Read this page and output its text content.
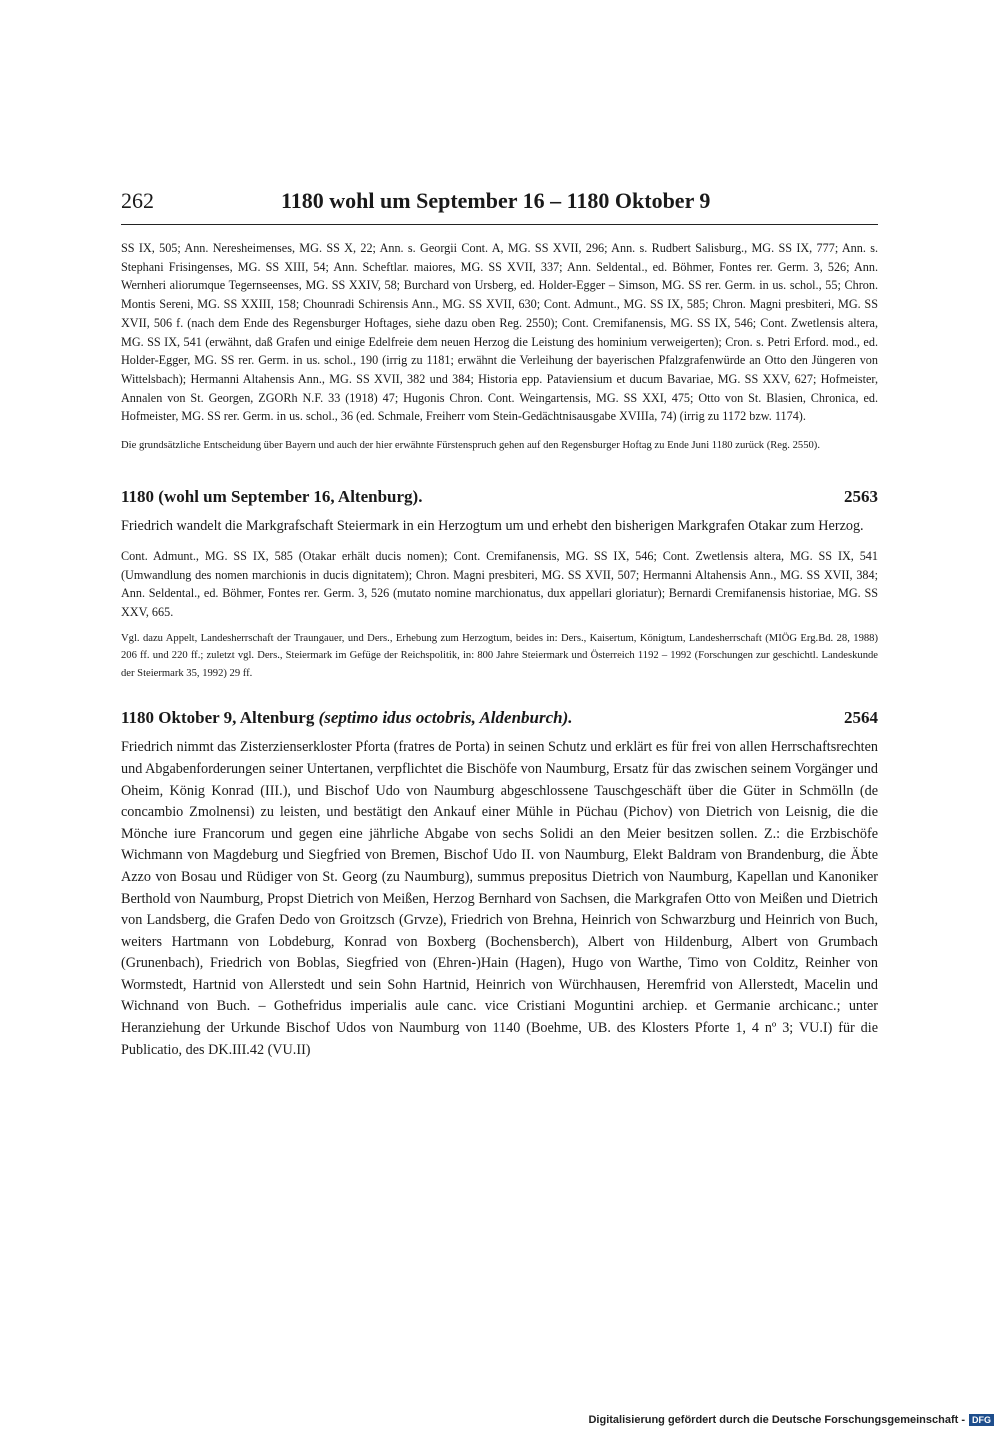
262	1180 wohl um September 16 – 1180 Oktober 9

SS IX, 505; Ann. Neresheimenses, MG. SS X, 22; Ann. s. Georgii Cont. A, MG. SS XVII, 296; Ann. s. Rudbert Salisburg., MG. SS IX, 777; Ann. s. Stephani Frisingenses, MG. SS XIII, 54; Ann. Scheftlar. maiores, MG. SS XVII, 337; Ann. Seldental., ed. Böhmer, Fontes rer. Germ. 3, 526; Ann. Wernheri aliorumque Tegernseenses, MG. SS XXIV, 58; Burchard von Ursberg, ed. Holder-Egger – Simson, MG. SS rer. Germ. in us. schol., 55; Chron. Montis Sereni, MG. SS XXIII, 158; Chounradi Schirensis Ann., MG. SS XVII, 630; Cont. Admunt., MG. SS IX, 585; Chron. Magni presbiteri, MG. SS XVII, 506 f. (nach dem Ende des Regensburger Hoftages, siehe dazu oben Reg. 2550); Cont. Cremifanensis, MG. SS IX, 546; Cont. Zwetlensis altera, MG. SS IX, 541 (erwähnt, daß Grafen und einige Edelfreie dem neuen Herzog die Leistung des hominium verweigerten); Cron. s. Petri Erford. mod., ed. Holder-Egger, MG. SS rer. Germ. in us. schol., 190 (irrig zu 1181; erwähnt die Verleihung der bayerischen Pfalzgrafenwürde an Otto den Jüngeren von Wittelsbach); Hermanni Altahensis Ann., MG. SS XVII, 382 und 384; Historia epp. Pataviensium et ducum Bavariae, MG. SS XXV, 627; Hofmeister, Annalen von St. Georgen, ZGORh N.F. 33 (1918) 47; Hugonis Chron. Cont. Weingartensis, MG. SS XXI, 475; Otto von St. Blasien, Chronica, ed. Hofmeister, MG. SS rer. Germ. in us. schol., 36 (ed. Schmale, Freiherr vom Stein-Gedächtnisausgabe XVIIIa, 74) (irrig zu 1172 bzw. 1174).

Die grundsätzliche Entscheidung über Bayern und auch der hier erwähnte Fürstenspruch gehen auf den Regensburger Hoftag zu Ende Juni 1180 zurück (Reg. 2550).

1180 (wohl um September 16, Altenburg).	2563

Friedrich wandelt die Markgrafschaft Steiermark in ein Herzogtum um und erhebt den bisherigen Markgrafen Otakar zum Herzog.

Cont. Admunt., MG. SS IX, 585 (Otakar erhält ducis nomen); Cont. Cremifanensis, MG. SS IX, 546; Cont. Zwetlensis altera, MG. SS IX, 541 (Umwandlung des nomen marchionis in ducis dignitatem); Chron. Magni presbiteri, MG. SS XVII, 507; Hermanni Altahensis Ann., MG. SS XVII, 384; Ann. Seldental., ed. Böhmer, Fontes rer. Germ. 3, 526 (mutato nomine marchionatus, dux appellari gloriatur); Bernardi Cremifanensis historiae, MG. SS XXV, 665.

Vgl. dazu Appelt, Landesherrschaft der Traungauer, und Ders., Erhebung zum Herzogtum, beides in: Ders., Kaisertum, Königtum, Landesherrschaft (MIÖG Erg.Bd. 28, 1988) 206 ff. und 220 ff.; zuletzt vgl. Ders., Steiermark im Gefüge der Reichspolitik, in: 800 Jahre Steiermark und Österreich 1192 – 1992 (Forschungen zur geschichtl. Landeskunde der Steiermark 35, 1992) 29 ff.

1180 Oktober 9, Altenburg (septimo idus octobris, Aldenburch).	2564

Friedrich nimmt das Zisterzienserkloster Pforta (fratres de Porta) in seinen Schutz und erklärt es für frei von allen Herrschaftsrechten und Abgabenforderungen seiner Untertanen, verpflichtet die Bischöfe von Naumburg, Ersatz für das zwischen seinem Vorgänger und Oheim, König Konrad (III.), und Bischof Udo von Naumburg abgeschlossene Tauschgeschäft über die Güter in Schmölln (de concambio Zmolnensi) zu leisten, und bestätigt den Ankauf einer Mühle in Püchau (Pichov) von Dietrich von Leisnig, die die Mönche iure Francorum und gegen eine jährliche Abgabe von sechs Solidi an den Meier besitzen sollen. Z.: die Erzbischöfe Wichmann von Magdeburg und Siegfried von Bremen, Bischof Udo II. von Naumburg, Elekt Baldram von Brandenburg, die Äbte Azzo von Bosau und Rüdiger von St. Georg (zu Naumburg), summus prepositus Dietrich von Naumburg, Kapellan und Kanoniker Berthold von Naumburg, Propst Dietrich von Meißen, Herzog Bernhard von Sachsen, die Markgrafen Otto von Meißen und Dietrich von Landsberg, die Grafen Dedo von Groitzsch (Grvze), Friedrich von Brehna, Heinrich von Schwarzburg und Heinrich von Buch, weiters Hartmann von Lobdeburg, Konrad von Boxberg (Bochensberch), Albert von Hildenburg, Albert von Grumbach (Grunenbach), Friedrich von Boblas, Siegfried von (Ehren-)Hain (Hagen), Hugo von Warthe, Timo von Colditz, Reinher von Wormstedt, Hartnid von Allerstedt und sein Sohn Hartnid, Heinrich von Würchhausen, Heremfrid von Allerstedt, Macelin und Wichnand von Buch. – Gothefridus imperialis aule canc. vice Cristiani Moguntini archiep. et Germanie archicanc.; unter Heranziehung der Urkunde Bischof Udos von Naumburg von 1140 (Boehme, UB. des Klosters Pforte 1, 4 nº 3; VU.I) für die Publicatio, des DK.III.42 (VU.II)

Digitalisierung gefördert durch die Deutsche Forschungsgemeinschaft - DFG
